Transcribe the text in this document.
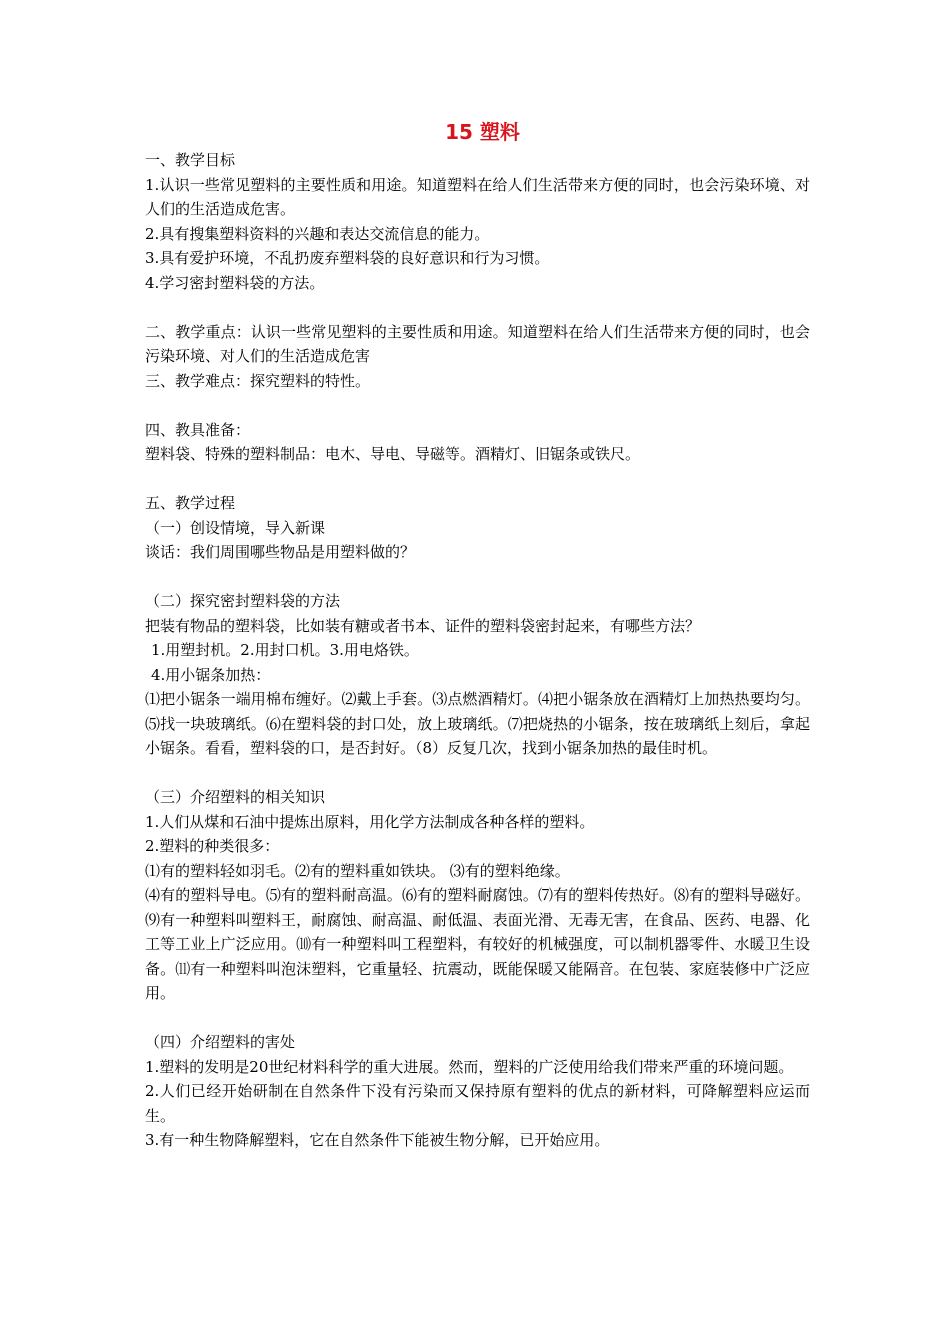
15 塑料

一、教学目标

1.认识一些常见塑料的主要性质和用途。知道塑料在给人们生活带来方便的同时，也会污染环境、对人们的生活造成危害。

2.具有搜集塑料资料的兴趣和表达交流信息的能力。

3.具有爱护环境，不乱扔废弃塑料袋的良好意识和行为习惯。

4.学习密封塑料袋的方法。

二、教学重点：认识一些常见塑料的主要性质和用途。知道塑料在给人们生活带来方便的同时，也会污染环境、对人们的生活造成危害

三、教学难点：探究塑料的特性。

四、教具准备：

塑料袋、特殊的塑料制品：电木、导电、导磁等。酒精灯、旧锯条或铁尺。

五、教学过程

（一）创设情境，导入新课

谈话：我们周围哪些物品是用塑料做的？

（二）探究密封塑料袋的方法

把装有物品的塑料袋，比如装有糖或者书本、证件的塑料袋密封起来，有哪些方法？

1.用塑封机。2.用封口机。3.用电烙铁。

4.用小锯条加热：

⑴把小锯条一端用棉布缠好。⑵戴上手套。⑶点燃酒精灯。⑷把小锯条放在酒精灯上加热热要均匀。⑸找一块玻璃纸。⑹在塑料袋的封口处，放上玻璃纸。⑺把烧热的小锯条，按在玻璃纸上刻后，拿起小锯条。看看，塑料袋的口，是否封好。（8）反复几次，找到小锯条加热的最佳时机。

（三）介绍塑料的相关知识

1.人们从煤和石油中提炼出原料，用化学方法制成各种各样的塑料。

2.塑料的种类很多：

⑴有的塑料轻如羽毛。⑵有的塑料重如铁块。 ⑶有的塑料绝缘。

⑷有的塑料导电。⑸有的塑料耐高温。⑹有的塑料耐腐蚀。⑺有的塑料传热好。⑻有的塑料导磁好。⑼有一种塑料叫塑料王，耐腐蚀、耐高温、耐低温、表面光滑、无毒无害，在食品、医药、电器、化工等工业上广泛应用。⑽有一种塑料叫工程塑料，有较好的机械强度，可以制机器零件、水暖卫生设备。⑾有一种塑料叫泡沫塑料，它重量轻、抗震动，既能保暖又能隔音。在包装、家庭装修中广泛应用。

（四）介绍塑料的害处

1.塑料的发明是20世纪材料科学的重大进展。然而，塑料的广泛使用给我们带来严重的环境问题。

2.人们已经开始研制在自然条件下没有污染而又保持原有塑料的优点的新材料，可降解塑料应运而生。

3.有一种生物降解塑料，它在自然条件下能被生物分解，已开始应用。
